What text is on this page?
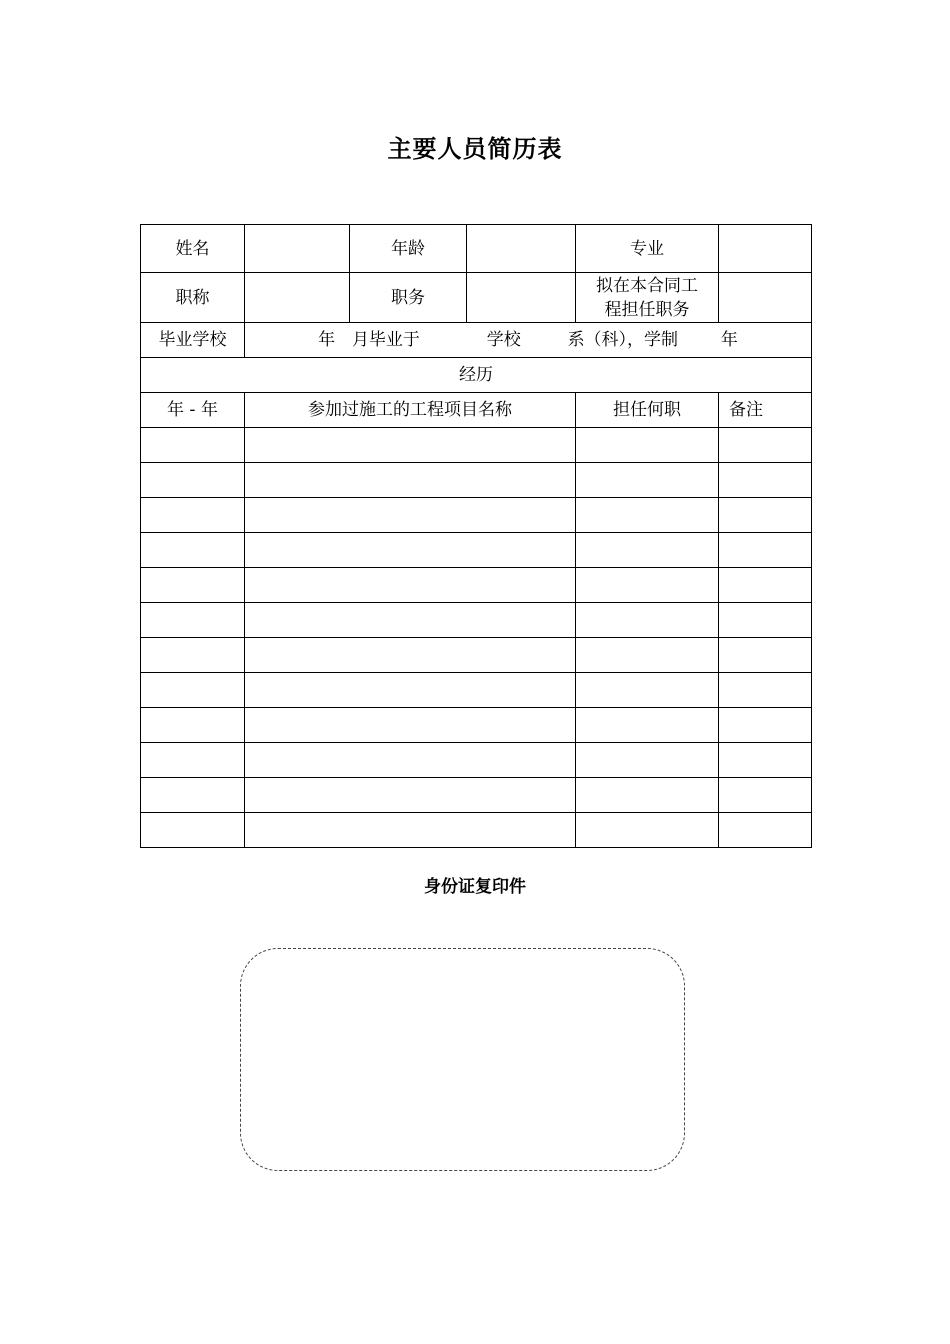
主要人员简历表
姓名		年龄		专业	
职称		职务		拟在本合同工
程担任职务	

毕业学校	年 月毕业于 学校 系（科），学制 年				
经历					
年 - 年	参加过施工的工程项目名称			担任何职	备注

身份证复印件
